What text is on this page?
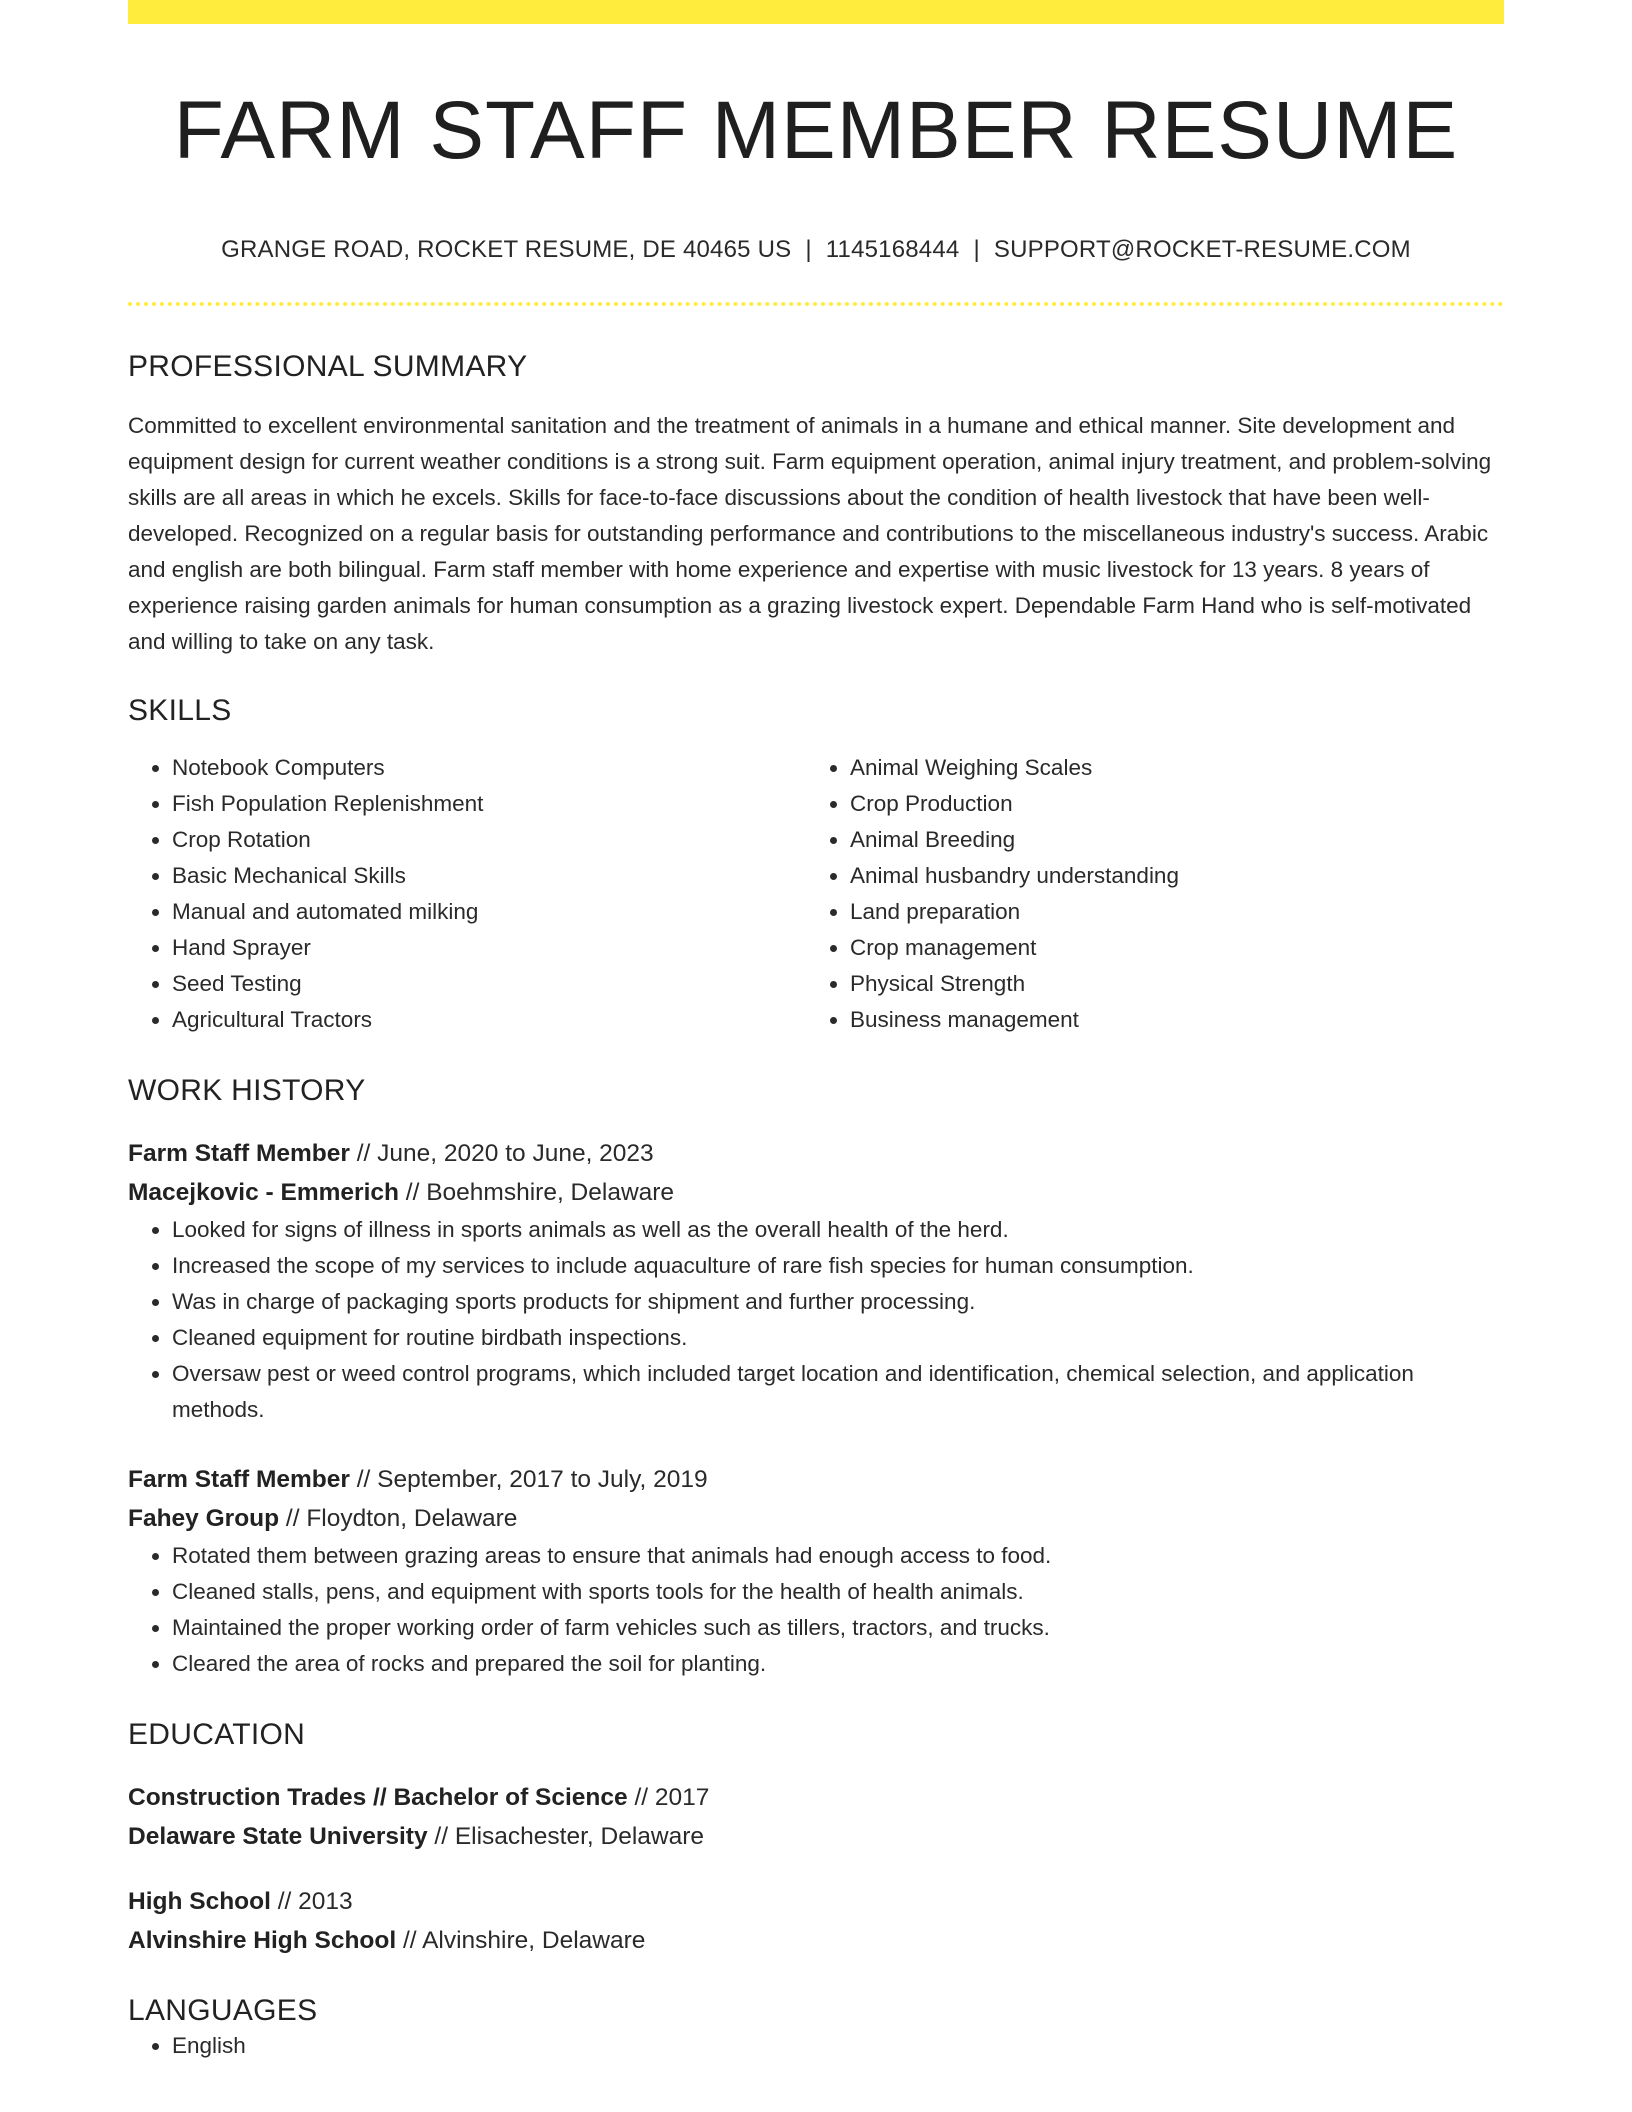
FARM STAFF MEMBER RESUME
GRANGE ROAD, ROCKET RESUME, DE 40465 US | 1145168444 | SUPPORT@ROCKET-RESUME.COM
PROFESSIONAL SUMMARY
Committed to excellent environmental sanitation and the treatment of animals in a humane and ethical manner. Site development and equipment design for current weather conditions is a strong suit. Farm equipment operation, animal injury treatment, and problem-solving skills are all areas in which he excels. Skills for face-to-face discussions about the condition of health livestock that have been well-developed. Recognized on a regular basis for outstanding performance and contributions to the miscellaneous industry's success. Arabic and english are both bilingual. Farm staff member with home experience and expertise with music livestock for 13 years. 8 years of experience raising garden animals for human consumption as a grazing livestock expert. Dependable Farm Hand who is self-motivated and willing to take on any task.
SKILLS
• Notebook Computers
• Fish Population Replenishment
• Crop Rotation
• Basic Mechanical Skills
• Manual and automated milking
• Hand Sprayer
• Seed Testing
• Agricultural Tractors
• Animal Weighing Scales
• Crop Production
• Animal Breeding
• Animal husbandry understanding
• Land preparation
• Crop management
• Physical Strength
• Business management
WORK HISTORY
Farm Staff Member // June, 2020 to June, 2023
Macejkovic - Emmerich // Boehmshire, Delaware
• Looked for signs of illness in sports animals as well as the overall health of the herd.
• Increased the scope of my services to include aquaculture of rare fish species for human consumption.
• Was in charge of packaging sports products for shipment and further processing.
• Cleaned equipment for routine birdbath inspections.
• Oversaw pest or weed control programs, which included target location and identification, chemical selection, and application methods.
Farm Staff Member // September, 2017 to July, 2019
Fahey Group // Floydton, Delaware
• Rotated them between grazing areas to ensure that animals had enough access to food.
• Cleaned stalls, pens, and equipment with sports tools for the health of health animals.
• Maintained the proper working order of farm vehicles such as tillers, tractors, and trucks.
• Cleared the area of rocks and prepared the soil for planting.
EDUCATION
Construction Trades // Bachelor of Science // 2017
Delaware State University // Elisachester, Delaware
High School // 2013
Alvinshire High School // Alvinshire, Delaware
LANGUAGES
• English
